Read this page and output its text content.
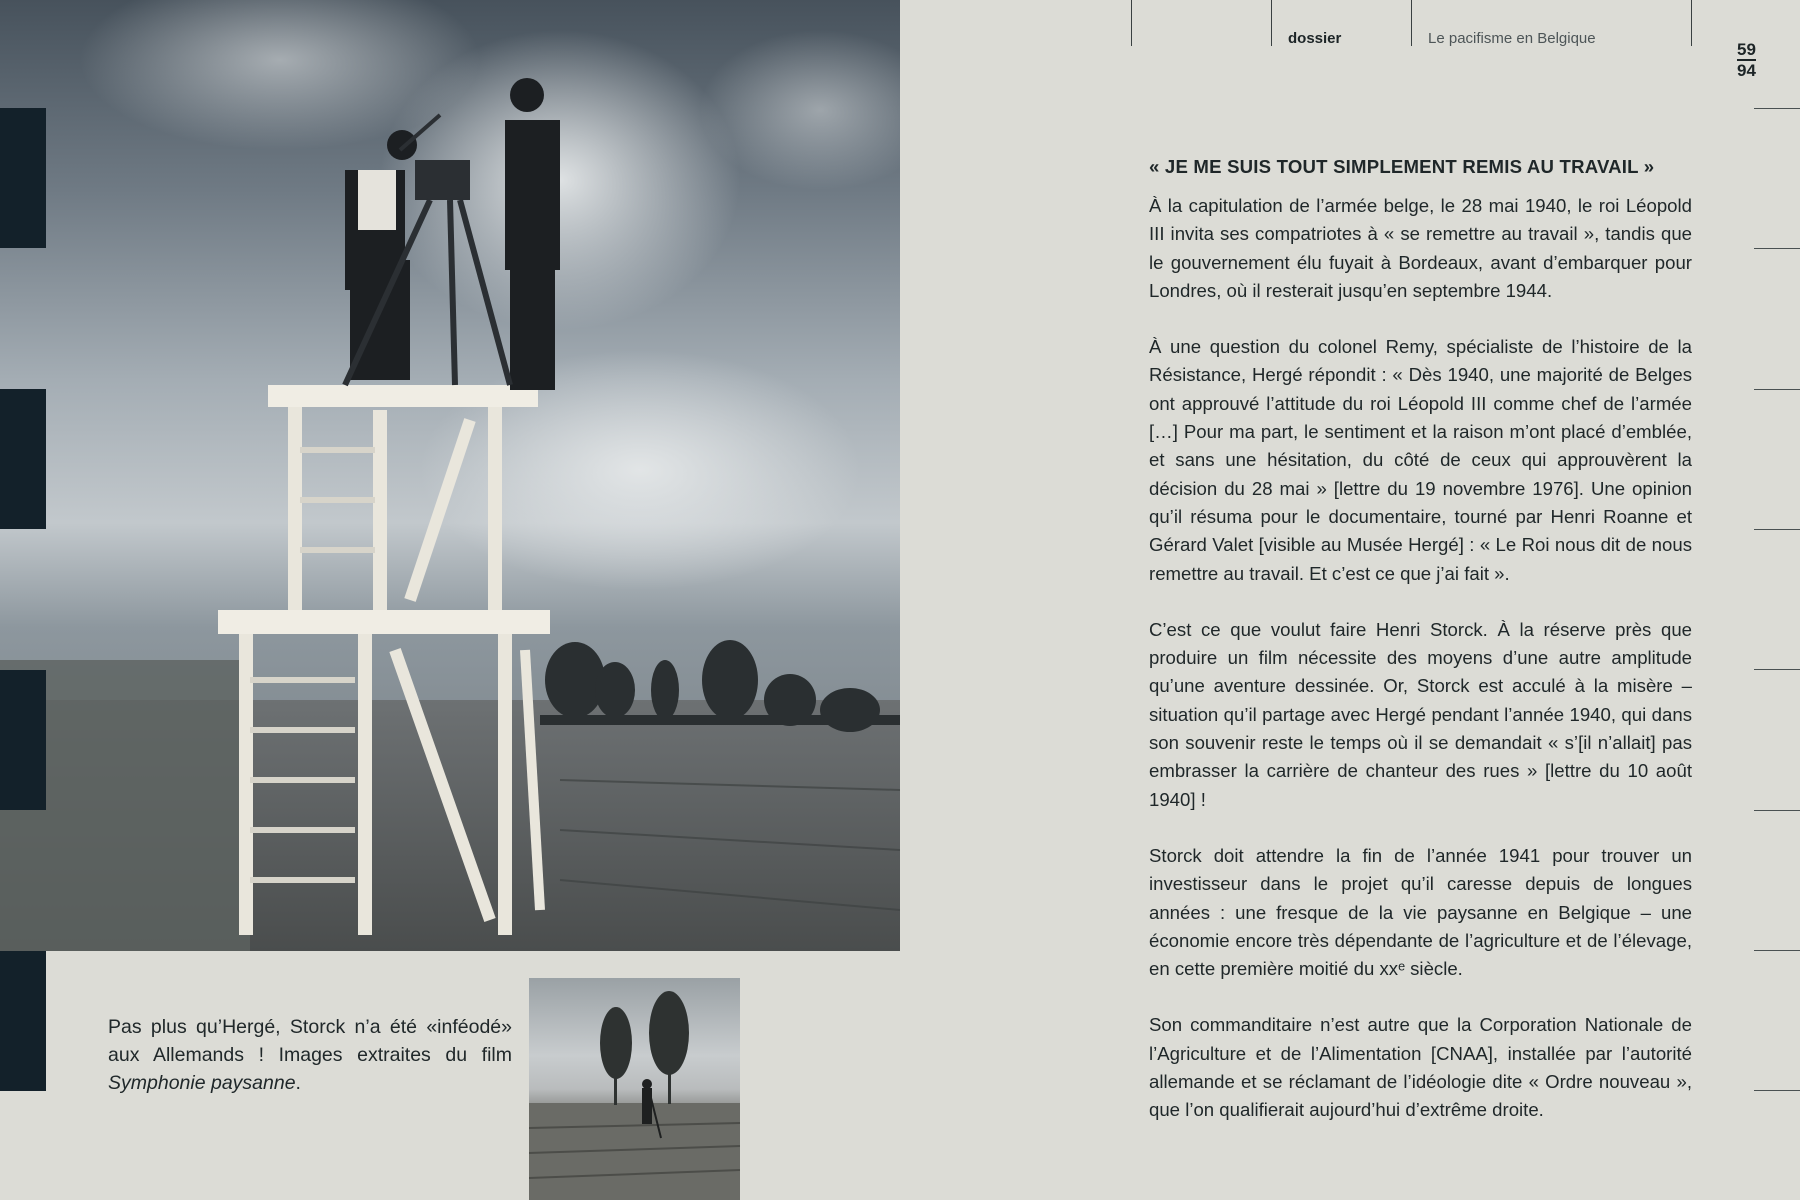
Pas plus qu’Hergé, Storck n’a été «inféodé» aux Allemands ! Images extraites du film Symphonie paysanne.
dossier	Le pacifisme en Belgique
59
94
« JE ME SUIS TOUT SIMPLEMENT REMIS AU TRAVAIL »

À la capitulation de l’armée belge, le 28 mai 1940, le roi Léopold III invita ses compatriotes à « se remettre au travail », tandis que le gouvernement élu fuyait à Bordeaux, avant d’embarquer pour Londres, où il resterait jusqu’en septembre 1944.

À une question du colonel Remy, spécialiste de l’histoire de la Résistance, Hergé répondit : « Dès 1940, une majorité de Belges ont approuvé l’attitude du roi Léopold III comme chef de l’armée […] Pour ma part, le sentiment et la raison m’ont placé d’emblée, et sans une hésitation, du côté de ceux qui approuvèrent la décision du 28 mai » [lettre du 19 novembre 1976]. Une opinion qu’il résuma pour le documentaire, tourné par Henri Roanne et Gérard Valet [visible au Musée Hergé] : « Le Roi nous dit de nous remettre au travail. Et c’est ce que j’ai fait ».

C’est ce que voulut faire Henri Storck. À la réserve près que produire un film nécessite des moyens d’une autre amplitude qu’une aventure dessinée. Or, Storck est acculé à la misère – situation qu’il partage avec Hergé pendant l’année 1940, qui dans son souvenir reste le temps où il se demandait « s’[il n’allait] pas embrasser la carrière de chanteur des rues » [lettre du 10 août 1940] !

Storck doit attendre la fin de l’année 1941 pour trouver un investisseur dans le projet qu’il caresse depuis de longues années : une fresque de la vie paysanne en Belgique – une économie encore très dépendante de l’agriculture et de l’élevage, en cette première moitié du xxᵉ siècle.

Son commanditaire n’est autre que la Corporation Nationale de l’Agriculture et de l’Alimentation [CNAA], installée par l’autorité allemande et se réclamant de l’idéologie dite « Ordre nouveau », que l’on qualifierait aujourd’hui d’extrême droite.
